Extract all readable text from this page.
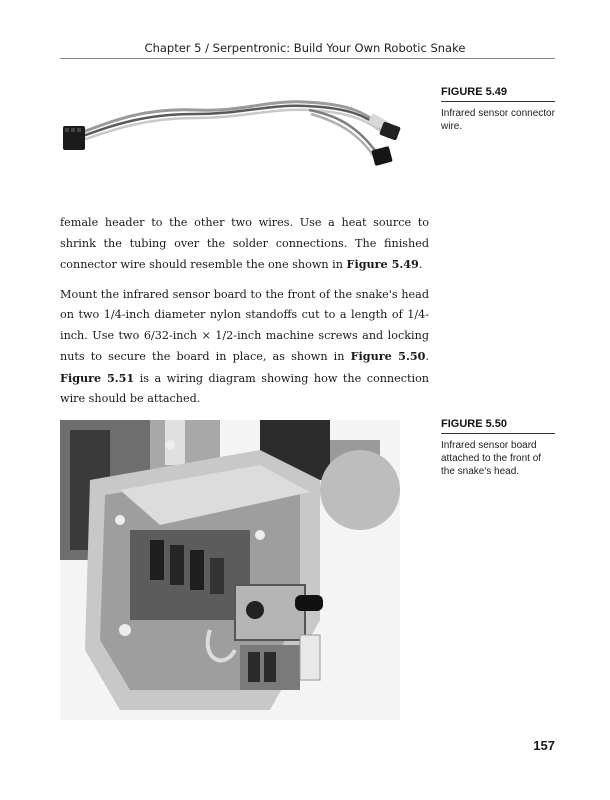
Chapter 5 / Serpentronic: Build Your Own Robotic Snake
FIGURE 5.49
Infrared sensor connector wire.

female header to the other two wires. Use a heat source to shrink the tubing over the solder connections. The finished connector wire should resemble the one shown in Figure 5.49.

Mount the infrared sensor board to the front of the snake's head on two 1/4-inch diameter nylon standoffs cut to a length of 1/4-inch. Use two 6/32-inch × 1/2-inch machine screws and locking nuts to secure the board in place, as shown in Figure 5.50. Figure 5.51 is a wiring diagram showing how the connection wire should be attached.

FIGURE 5.50
Infrared sensor board attached to the front of the snake's head.
157
